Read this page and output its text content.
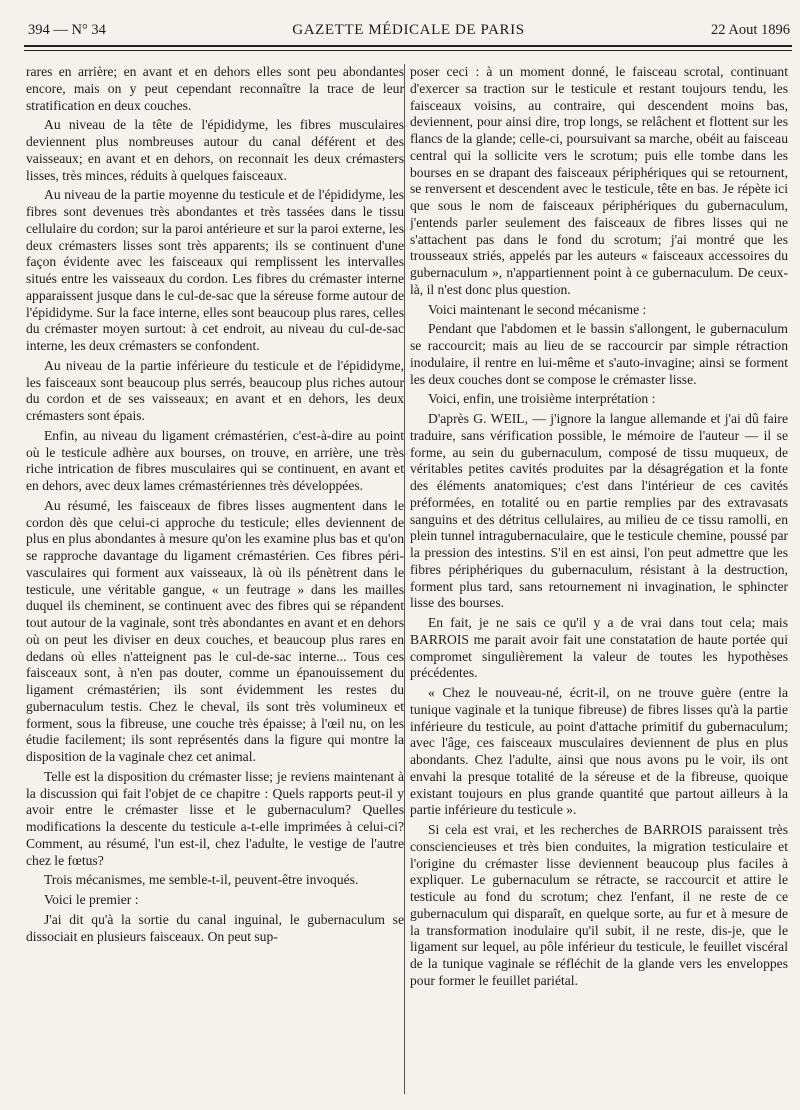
394 — N° 34	GAZETTE MÉDICALE DE PARIS	22 Aout 1896

rares en arrière; en avant et en dehors elles sont peu abondantes encore, mais on y peut cependant reconnaître la trace de leur stratification en deux couches.

Au niveau de la tête de l'épididyme, les fibres musculaires deviennent plus nombreuses autour du canal déférent et des vaisseaux; en avant et en dehors, on reconnait les deux crémasters lisses, très minces, réduits à quelques faisceaux.

Au niveau de la partie moyenne du testicule et de l'épididyme, les fibres sont devenues très abondantes et très tassées dans le tissu cellulaire du cordon; sur la paroi antérieure et sur la paroi externe, les deux crémasters lisses sont très apparents; ils se continuent d'une façon évidente avec les faisceaux qui remplissent les intervalles situés entre les vaisseaux du cordon. Les fibres du crémaster interne apparaissent jusque dans le cul-de-sac que la séreuse forme autour de l'épididyme. Sur la face interne, elles sont beaucoup plus rares, celles du crémaster moyen surtout: à cet endroit, au niveau du cul-de-sac interne, les deux crémasters se confondent.

Au niveau de la partie inférieure du testicule et de l'épididyme, les faisceaux sont beaucoup plus serrés, beaucoup plus riches autour du cordon et de ses vaisseaux; en avant et en dehors, les deux crémasters sont épais.

Enfin, au niveau du ligament crémastérien, c'est-à-dire au point où le testicule adhère aux bourses, on trouve, en arrière, une très riche intrication de fibres musculaires qui se continuent, en avant et en dehors, avec deux lames crémastériennes très développées.

Au résumé, les faisceaux de fibres lisses augmentent dans le cordon dès que celui-ci approche du testicule; elles deviennent de plus en plus abondantes à mesure qu'on les examine plus bas et qu'on se rapproche davantage du ligament crémastérien. Ces fibres péri-vasculaires qui forment aux vaisseaux, là où ils pénètrent dans le testicule, une véritable gangue, « un feutrage » dans les mailles duquel ils cheminent, se continuent avec des fibres qui se répandent tout autour de la vaginale, sont très abondantes en avant et en dehors où on peut les diviser en deux couches, et beaucoup plus rares en dedans où elles n'atteignent pas le cul-de-sac interne... Tous ces faisceaux sont, à n'en pas douter, comme un épanouissement du ligament crémastérien; ils sont évidemment les restes du gubernaculum testis. Chez le cheval, ils sont très volumineux et forment, sous la fibreuse, une couche très épaisse; à l'œil nu, on les étudie facilement; ils sont représentés dans la figure qui montre la disposition de la vaginale chez cet animal.

Telle est la disposition du crémaster lisse; je reviens maintenant à la discussion qui fait l'objet de ce chapitre : Quels rapports peut-il y avoir entre le crémaster lisse et le gubernaculum? Quelles modifications la descente du testicule a-t-elle imprimées à celui-ci? Comment, au résumé, l'un est-il, chez l'adulte, le vestige de l'autre chez le fœtus?

Trois mécanismes, me semble-t-il, peuvent-être invoqués.

Voici le premier :

J'ai dit qu'à la sortie du canal inguinal, le gubernaculum se dissociait en plusieurs faisceaux. On peut sup-

poser ceci : à un moment donné, le faisceau scrotal, continuant d'exercer sa traction sur le testicule et restant toujours tendu, les faisceaux voisins, au contraire, qui descendent moins bas, deviennent, pour ainsi dire, trop longs, se relâchent et flottent sur les flancs de la glande; celle-ci, poursuivant sa marche, obéit au faisceau central qui la sollicite vers le scrotum; puis elle tombe dans les bourses en se drapant des faisceaux périphériques qui se retournent, se renversent et descendent avec le testicule, tête en bas. Je répète ici que sous le nom de faisceaux périphériques du gubernaculum, j'entends parler seulement des faisceaux de fibres lisses qui ne s'attachent pas dans le fond du scrotum; j'ai montré que les trousseaux striés, appelés par les auteurs « faisceaux accessoires du gubernaculum », n'appartiennent point à ce gubernaculum. De ceux-là, il n'est donc plus question.

Voici maintenant le second mécanisme :

Pendant que l'abdomen et le bassin s'allongent, le gubernaculum se raccourcit; mais au lieu de se raccourcir par simple rétraction inodulaire, il rentre en lui-même et s'auto-invagine; ainsi se forment les deux couches dont se compose le crémaster lisse.

Voici, enfin, une troisième interprétation :

D'après G. WEIL, — j'ignore la langue allemande et j'ai dû faire traduire, sans vérification possible, le mémoire de l'auteur — il se forme, au sein du gubernaculum, composé de tissu muqueux, de véritables petites cavités produites par la désagrégation et la fonte des éléments anatomiques; c'est dans l'intérieur de ces cavités préformées, en totalité ou en partie remplies par des extravasats sanguins et des détritus cellulaires, au milieu de ce tissu ramolli, en plein tunnel intragubernaculaire, que le testicule chemine, poussé par la pression des intestins. S'il en est ainsi, l'on peut admettre que les fibres périphériques du gubernaculum, résistant à la destruction, forment plus tard, sans retournement ni invagination, le sphincter lisse des bourses.

En fait, je ne sais ce qu'il y a de vrai dans tout cela; mais BARROIS me parait avoir fait une constatation de haute portée qui compromet singulièrement la valeur de toutes les hypothèses précédentes.

« Chez le nouveau-né, écrit-il, on ne trouve guère (entre la tunique vaginale et la tunique fibreuse) de fibres lisses qu'à la partie inférieure du testicule, au point d'attache primitif du gubernaculum; avec l'âge, ces faisceaux musculaires deviennent de plus en plus abondants. Chez l'adulte, ainsi que nous avons pu le voir, ils ont envahi la presque totalité de la séreuse et de la fibreuse, quoique existant toujours en plus grande quantité que partout ailleurs à la partie inférieure du testicule ».

Si cela est vrai, et les recherches de BARROIS paraissent très consciencieuses et très bien conduites, la migration testiculaire et l'origine du crémaster lisse deviennent beaucoup plus faciles à expliquer. Le gubernaculum se rétracte, se raccourcit et attire le testicule au fond du scrotum; chez l'enfant, il ne reste de ce gubernaculum qui disparaît, en quelque sorte, au fur et à mesure de la transformation inodulaire qu'il subit, il ne reste, dis-je, que le ligament sur lequel, au pôle inférieur du testicule, le feuillet viscéral de la tunique vaginale se réfléchit de la glande vers les enveloppes pour former le feuillet pariétal.
